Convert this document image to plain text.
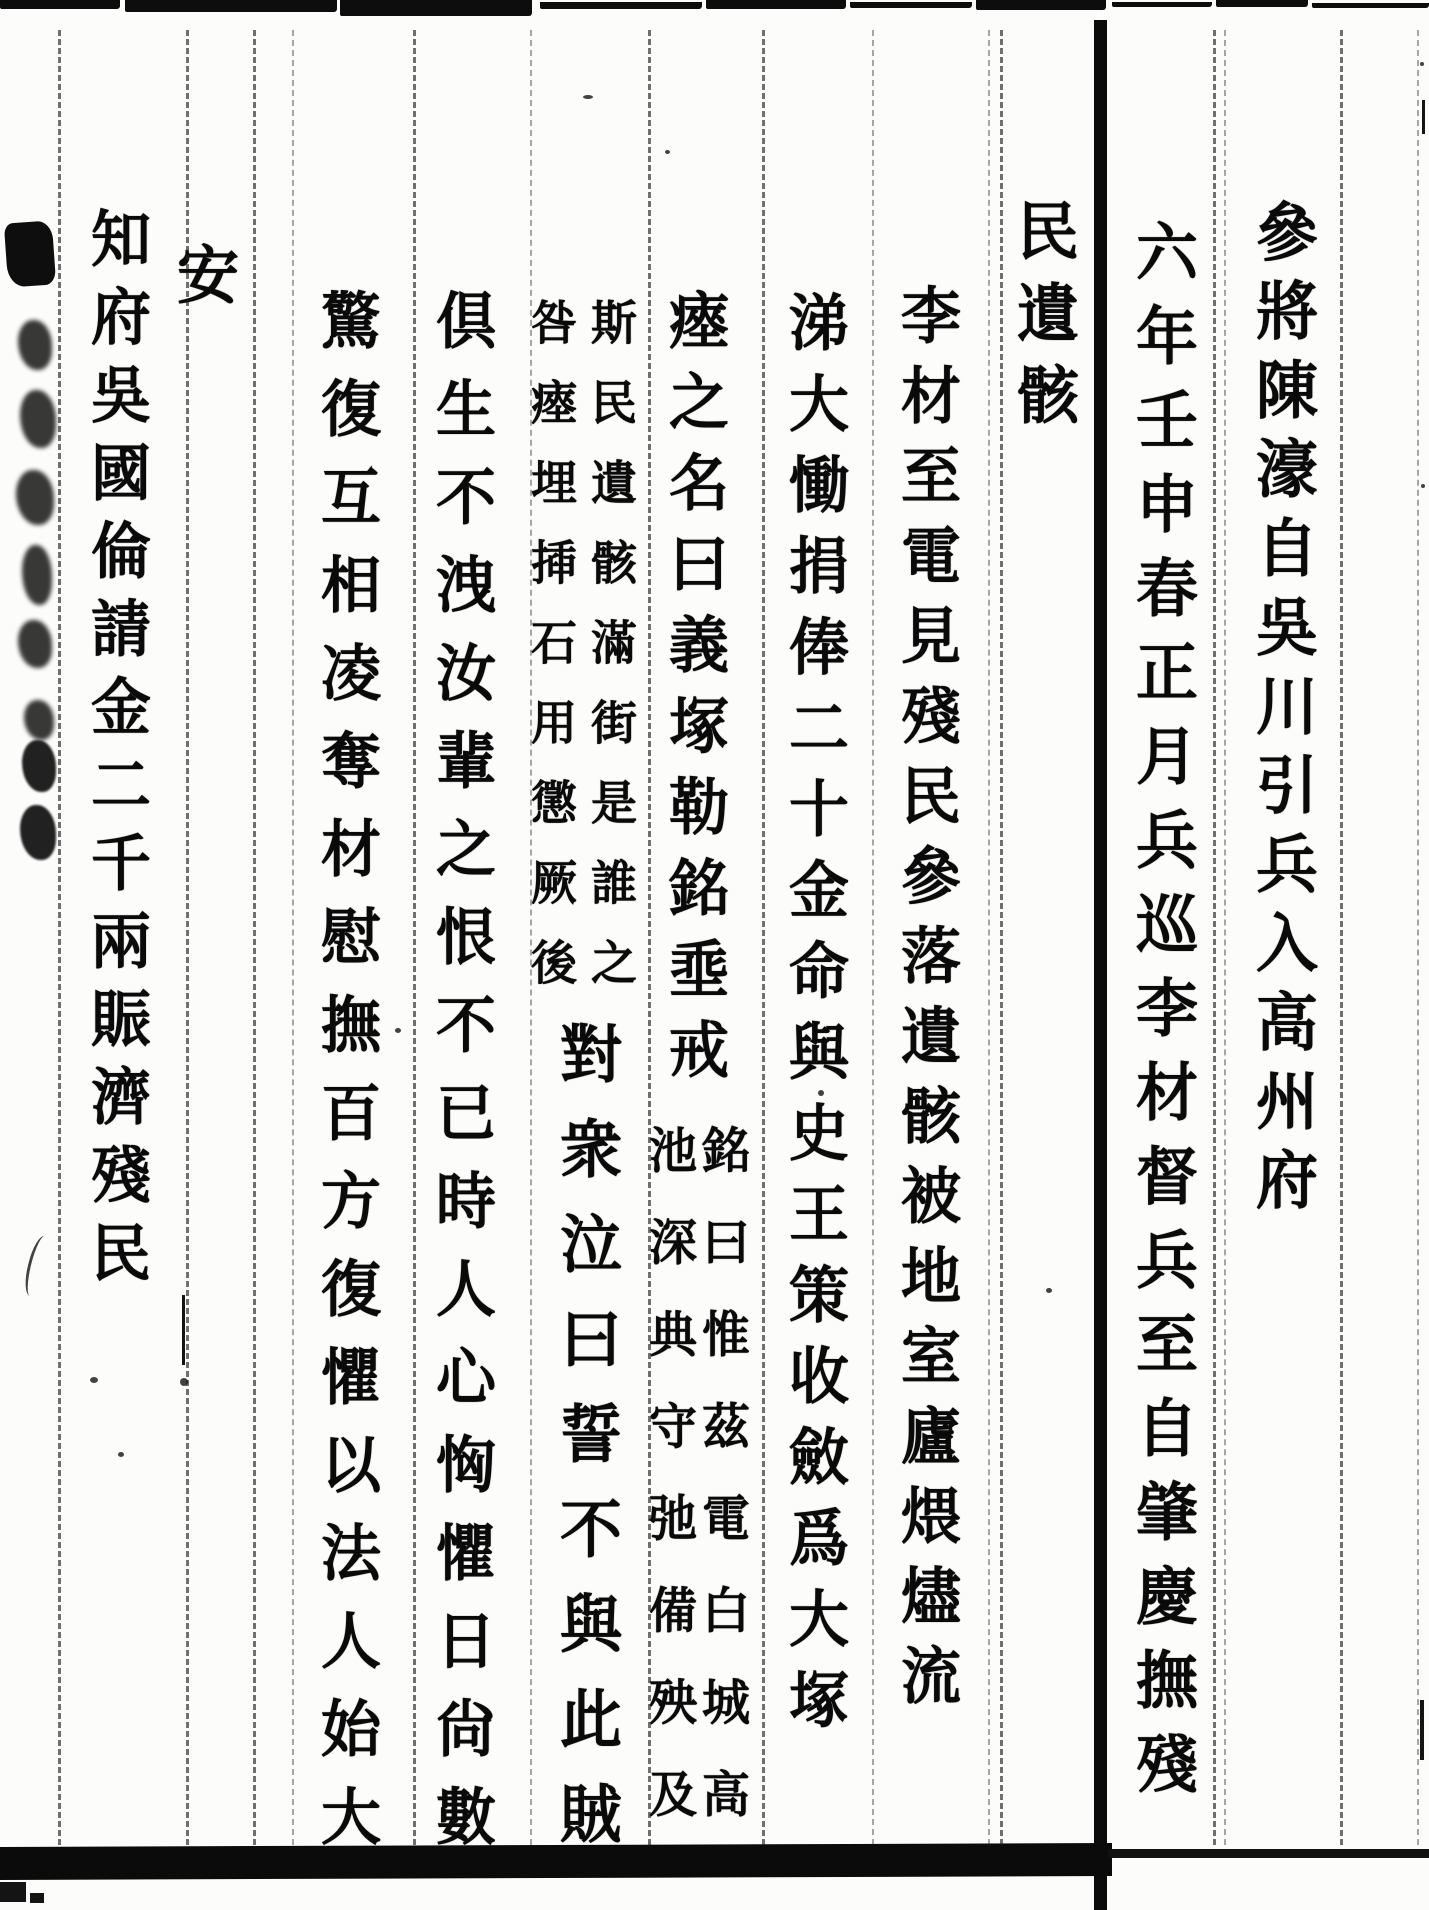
參
將
陳
濠
自
吳
川
引
兵
入
高
州
府
六
年
壬
申
春
正
月
兵
巡
李
材
督
兵
至
自
肇
慶
撫
殘
民
遺
骸
李
材
至
電
見
殘
民
參
落
遺
骸
被
地
室
廬
煨
燼
流
涕
大
慟
捐
俸
二
十
金
命
與
史
王
策
收
斂
爲
大
塚
瘞
之
名
曰
義
塚
勒
銘
埀
戒
銘
曰
惟
茲
電
白
城
高
池
深
典
守
弛
備
殃
及
斯
民
遺
骸
滿
街
是
誰
之
咎
瘞
埋
揷
石
用
懲
厥
後
對
衆
泣
曰
誓
不
與
此
賊
倶
生
不
洩
汝
輩
之
恨
不
已
時
人
心
恟
懼
日
尙
數
驚
復
互
相
凌
奪
材
慰
撫
百
方
復
懼
以
法
人
始
大
安
知
府
吳
國
倫
請
金
二
千
兩
賑
濟
殘
民
